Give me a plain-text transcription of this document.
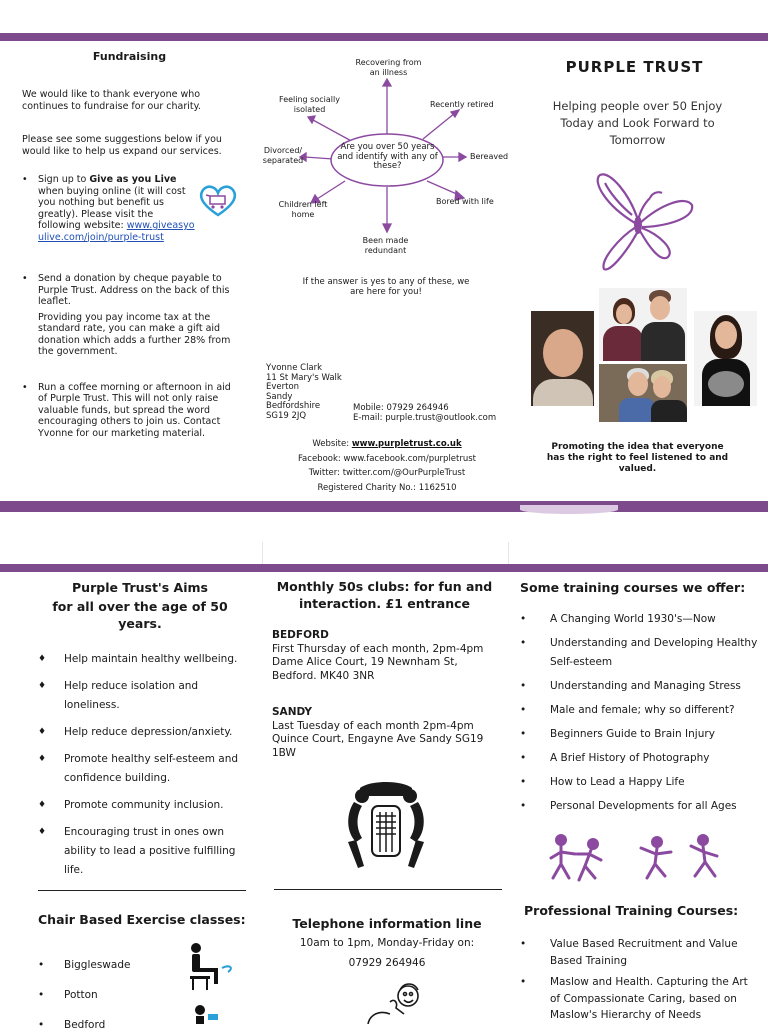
Fundraising
We would like to thank everyone who continues to fundraise for our charity.
Please see some suggestions below if you would like to help us expand our services.
• Sign up to Give as you Live when buying online (it will cost you nothing but benefit us greatly). Please visit the following website: www.giveasyoulive.com/join/purple-trust
• Send a donation by cheque payable to Purple Trust. Address on the back of this leaflet.
Providing you pay income tax at the standard rate, you can make a gift aid donation which adds a further 28% from the government.
• Run a coffee morning or afternoon in aid of Purple Trust. This will not only raise valuable funds, but spread the word encouraging others to join us. Contact Yvonne for our marketing material.
Are you over 50 years and identify with any of these?
Recovering from an illness
Recently retired
Feeling socially isolated
Divorced/ separated	Bereaved
Children left home
Bored with life
Been made redundant
If the answer is yes to any of these, we are here for you!
Yvonne Clark
11 St Mary's Walk
Everton
Sandy
Bedfordshire
SG19 2JQ
Mobile: 07929 264946
E-mail: purple.trust@outlook.com
Website: www.purpletrust.co.uk
Facebook: www.facebook.com/purpletrust
Twitter: twitter.com/@OurPurpleTrust
Registered Charity No.: 1162510
PURPLE TRUST
Helping people over 50 Enjoy Today and Look Forward to Tomorrow
Promoting the idea that everyone has the right to feel listened to and valued.
Purple Trust's Aims
for all over the age of 50 years.
♦ Help maintain healthy wellbeing.
♦ Help reduce isolation and loneliness.
♦ Help reduce depression/anxiety.
♦ Promote healthy self-esteem and confidence building.
♦ Promote community inclusion.
♦ Encouraging trust in ones own ability to lead a positive fulfilling life.
Chair Based Exercise classes:
• Biggleswade
• Potton
• Bedford
Monthly 50s clubs: for fun and interaction. £1 entrance
BEDFORD
First Thursday of each month, 2pm-4pm Dame Alice Court, 19 Newnham St, Bedford. MK40 3NR
SANDY
Last Tuesday of each month 2pm-4pm Quince Court, Engayne Ave Sandy SG19 1BW
Telephone information line
10am to 1pm, Monday-Friday on:
07929 264946
Some training courses we offer:
• A Changing World 1930's—Now
• Understanding and Developing Healthy Self-esteem
• Understanding and Managing Stress
• Male and female; why so different?
• Beginners Guide to Brain Injury
• A Brief History of Photography
• How to Lead a Happy Life
• Personal Developments for all Ages
Professional Training Courses:
• Value Based Recruitment and Value Based Training
• Maslow and Health. Capturing the Art of Compassionate Caring, based on Maslow's Hierarchy of Needs
